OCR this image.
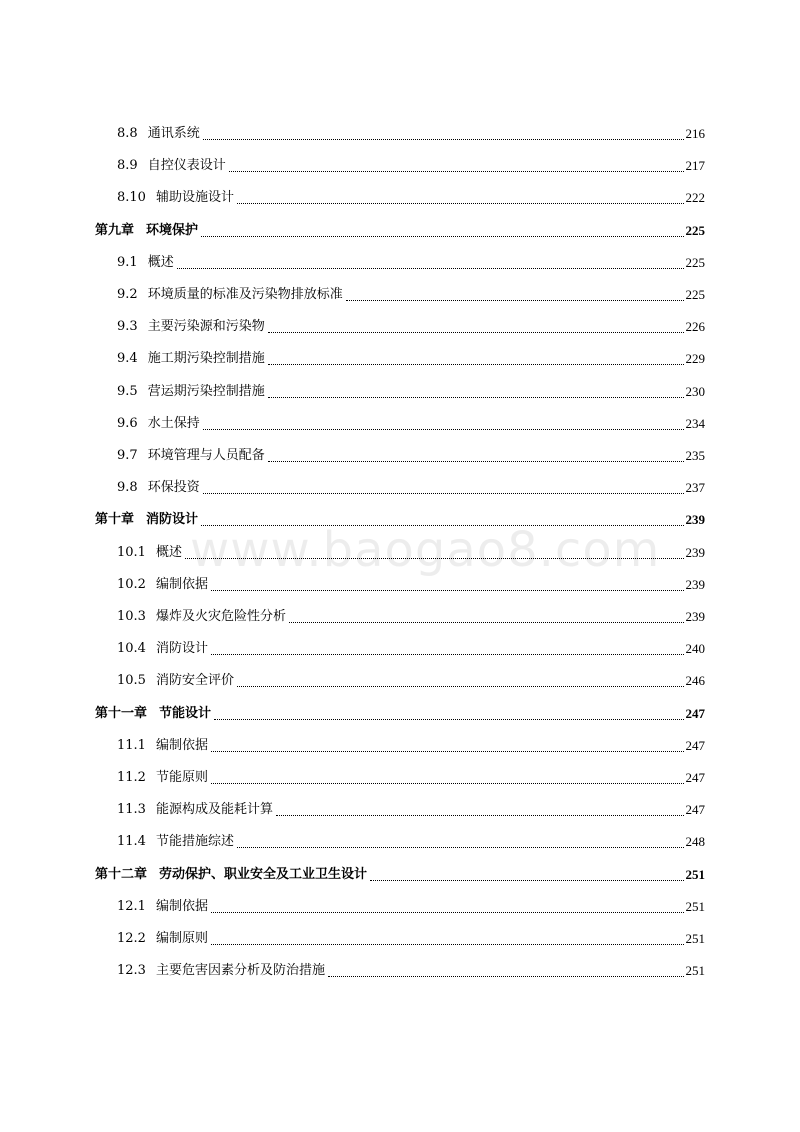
8.8 通讯系统	216
8.9 自控仪表设计	217
8.10 辅助设施设计	222
第九章 环境保护	225
9.1 概述	225
9.2 环境质量的标准及污染物排放标准	225
9.3 主要污染源和污染物	226
9.4 施工期污染控制措施	229
9.5 营运期污染控制措施	230
9.6 水土保持	234
9.7 环境管理与人员配备	235
9.8 环保投资	237
第十章 消防设计	239
10.1 概述	239
10.2 编制依据	239
10.3 爆炸及火灾危险性分析	239
10.4 消防设计	240
10.5 消防安全评价	246
第十一章 节能设计	247
11.1 编制依据	247
11.2 节能原则	247
11.3 能源构成及能耗计算	247
11.4 节能措施综述	248
第十二章 劳动保护、职业安全及工业卫生设计	251
12.1 编制依据	251
12.2 编制原则	251
12.3 主要危害因素分析及防治措施	251
www.baogao8.com
